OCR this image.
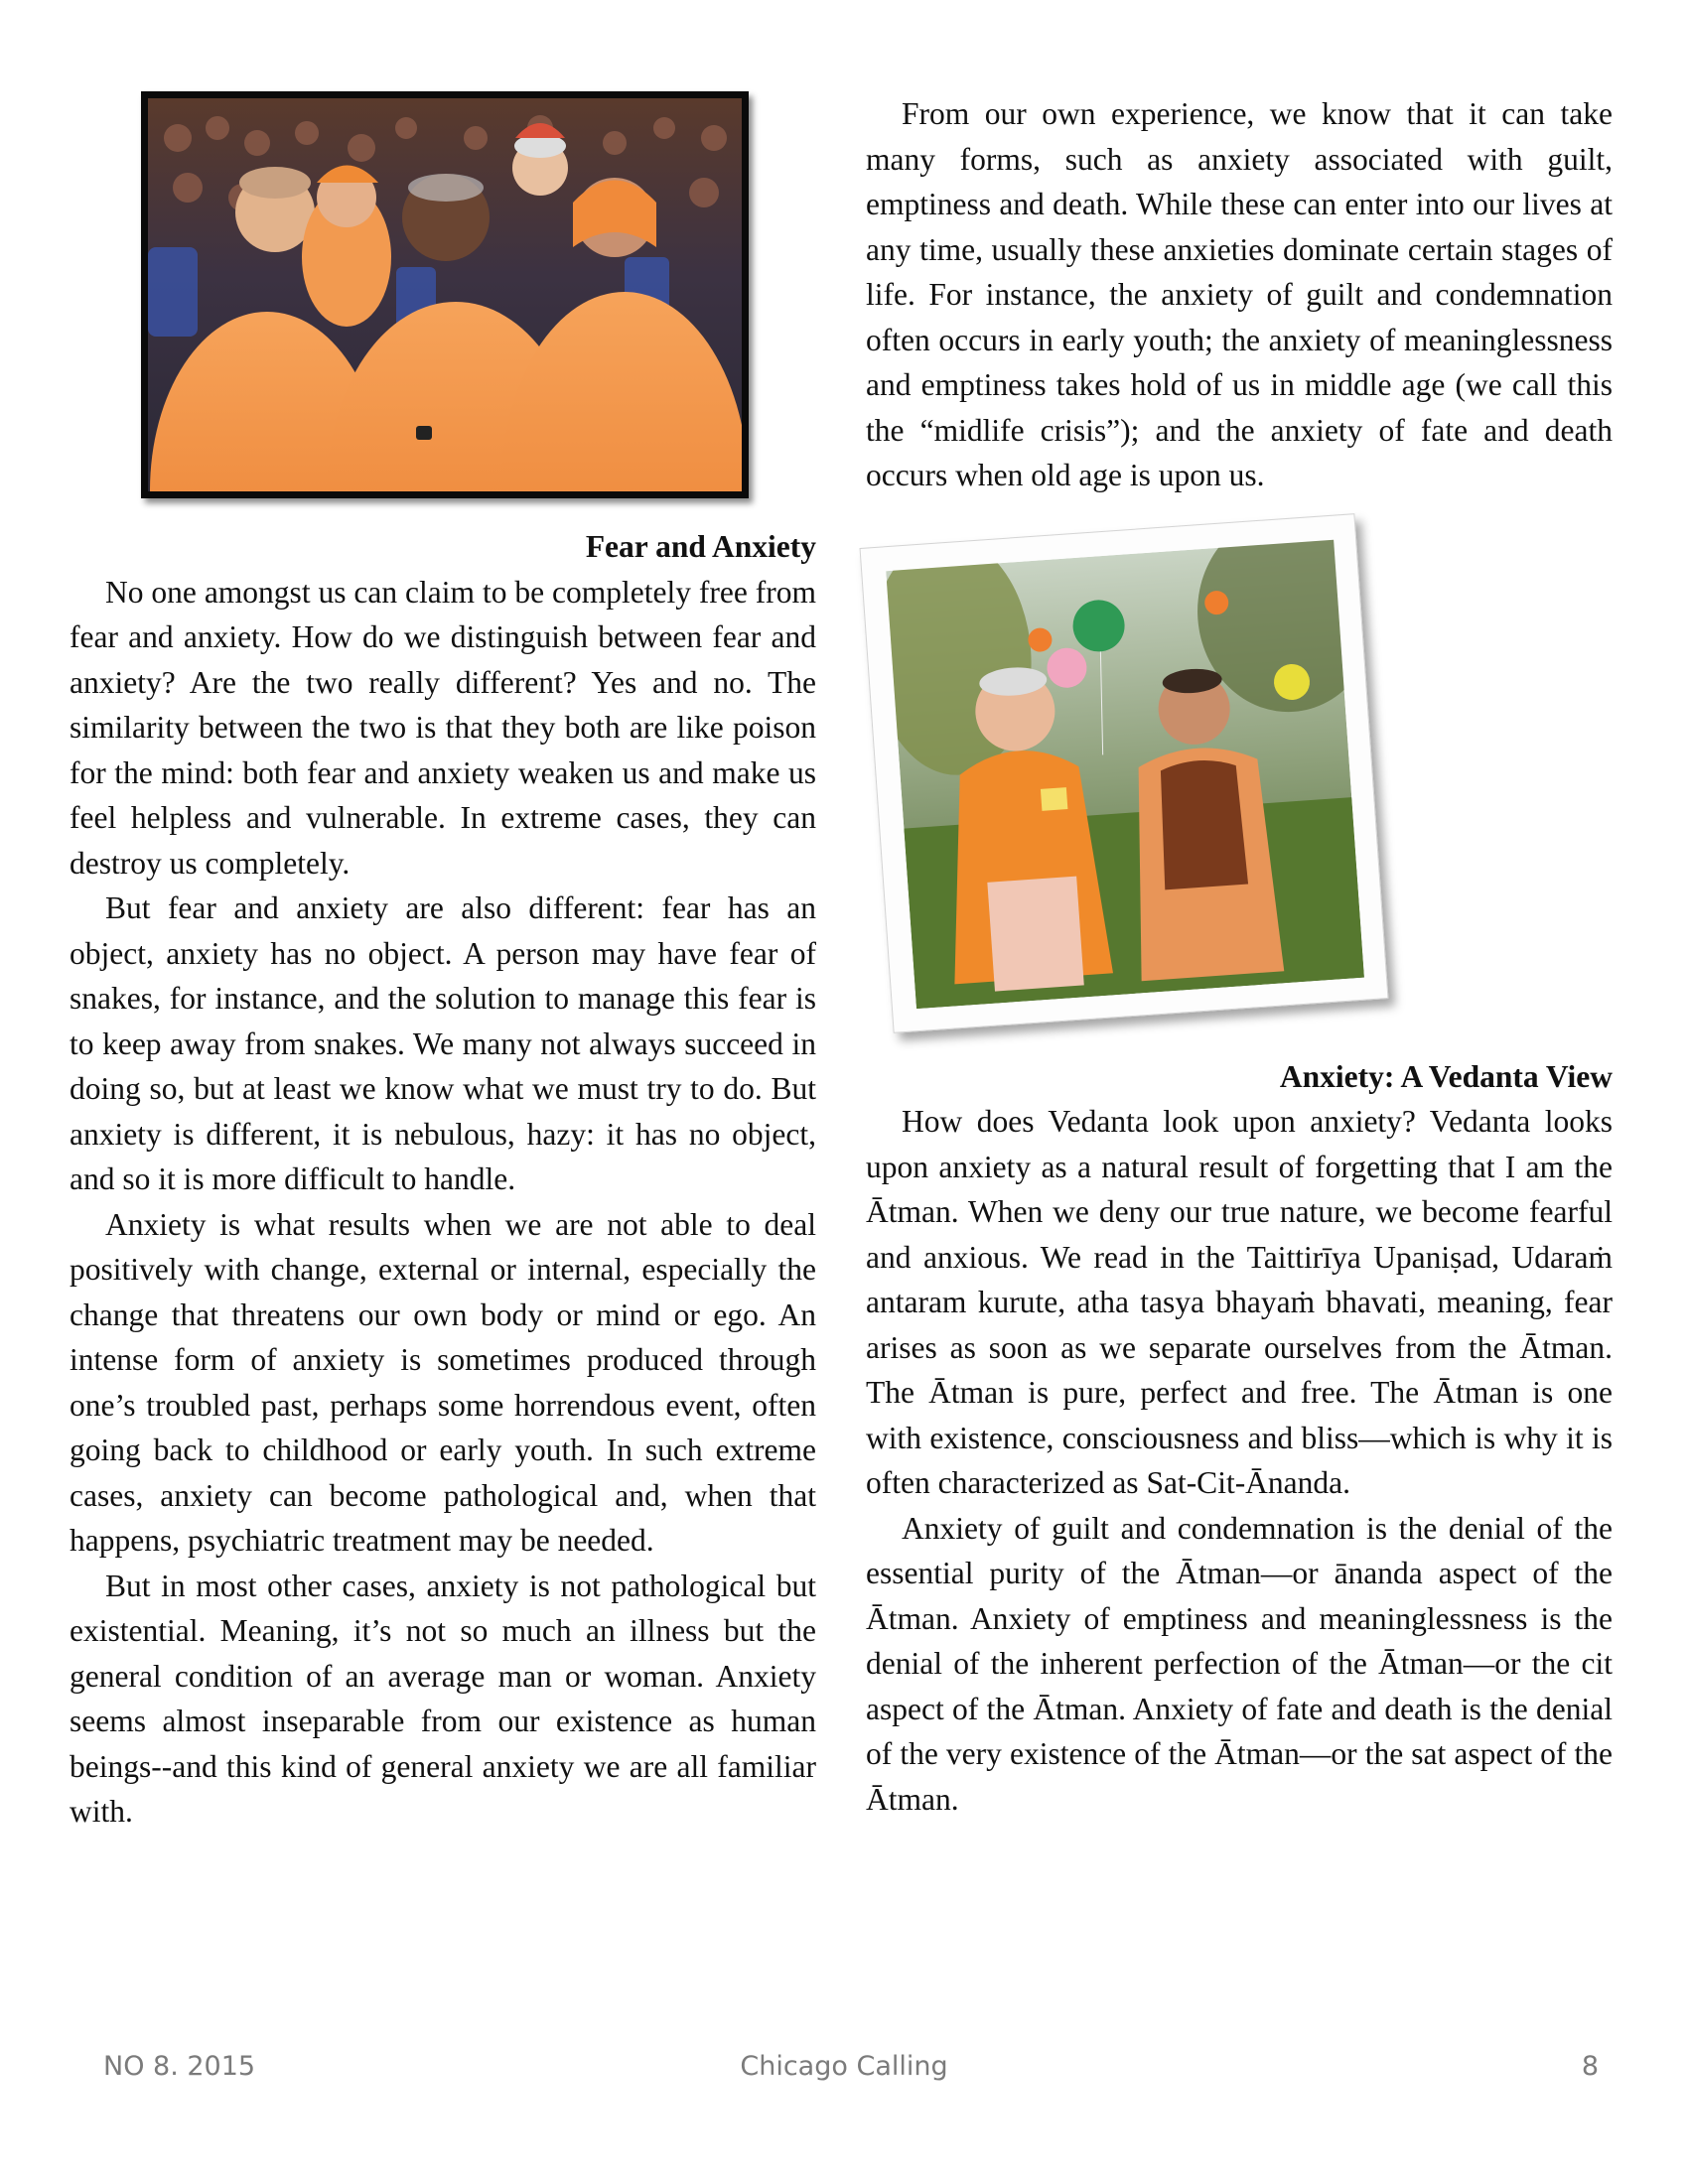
Fear and Anxiety

No one amongst us can claim to be completely free from fear and anxiety. How do we distinguish between fear and anxiety? Are the two really different? Yes and no. The similarity between the two is that they both are like poison for the mind: both fear and anxiety weaken us and make us feel helpless and vulnerable. In extreme cases, they can destroy us completely.

But fear and anxiety are also different: fear has an object, anxiety has no object. A person may have fear of snakes, for instance, and the solution to manage this fear is to keep away from snakes. We many not always succeed in doing so, but at least we know what we must try to do. But anxiety is different, it is nebulous, hazy: it has no object, and so it is more difficult to handle.

Anxiety is what results when we are not able to deal positively with change, external or internal, especially the change that threatens our own body or mind or ego. An intense form of anxiety is sometimes produced through one’s troubled past, perhaps some horrendous event, often going back to childhood or early youth. In such extreme cases, anxiety can become pathological and, when that happens, psychiatric treatment may be needed.

But in most other cases, anxiety is not pathological but existential. Meaning, it’s not so much an illness but the general condition of an average man or woman. Anxiety seems almost inseparable from our existence as human beings--and this kind of general anxiety we are all familiar with.

From our own experience, we know that it can take many forms, such as anxiety associated with guilt, emptiness and death. While these can enter into our lives at any time, usually these anxieties dominate certain stages of life. For instance, the anxiety of guilt and condemnation often occurs in early youth; the anxiety of meaninglessness and emptiness takes hold of us in middle age (we call this the “midlife crisis”); and the anxiety of fate and death occurs when old age is upon us.

Anxiety: A Vedanta View

How does Vedanta look upon anxiety? Vedanta looks upon anxiety as a natural result of forgetting that I am the Ātman. When we deny our true nature, we become fearful and anxious. We read in the Taittirīya Upaniṣad, Udaraṁ antaram kurute, atha tasya bhayaṁ bhavati, meaning, fear arises as soon as we separate ourselves from the Ātman. The Ātman is pure, perfect and free. The Ātman is one with existence, consciousness and bliss—which is why it is often characterized as Sat-Cit-Ānanda.

Anxiety of guilt and condemnation is the denial of the essential purity of the Ātman—or ānanda aspect of the Ātman. Anxiety of emptiness and meaninglessness is the denial of the inherent perfection of the Ātman—or the cit aspect of the Ātman. Anxiety of fate and death is the denial of the very existence of the Ātman—or the sat aspect of the Ātman.

NO 8. 2015	Chicago Calling	8
